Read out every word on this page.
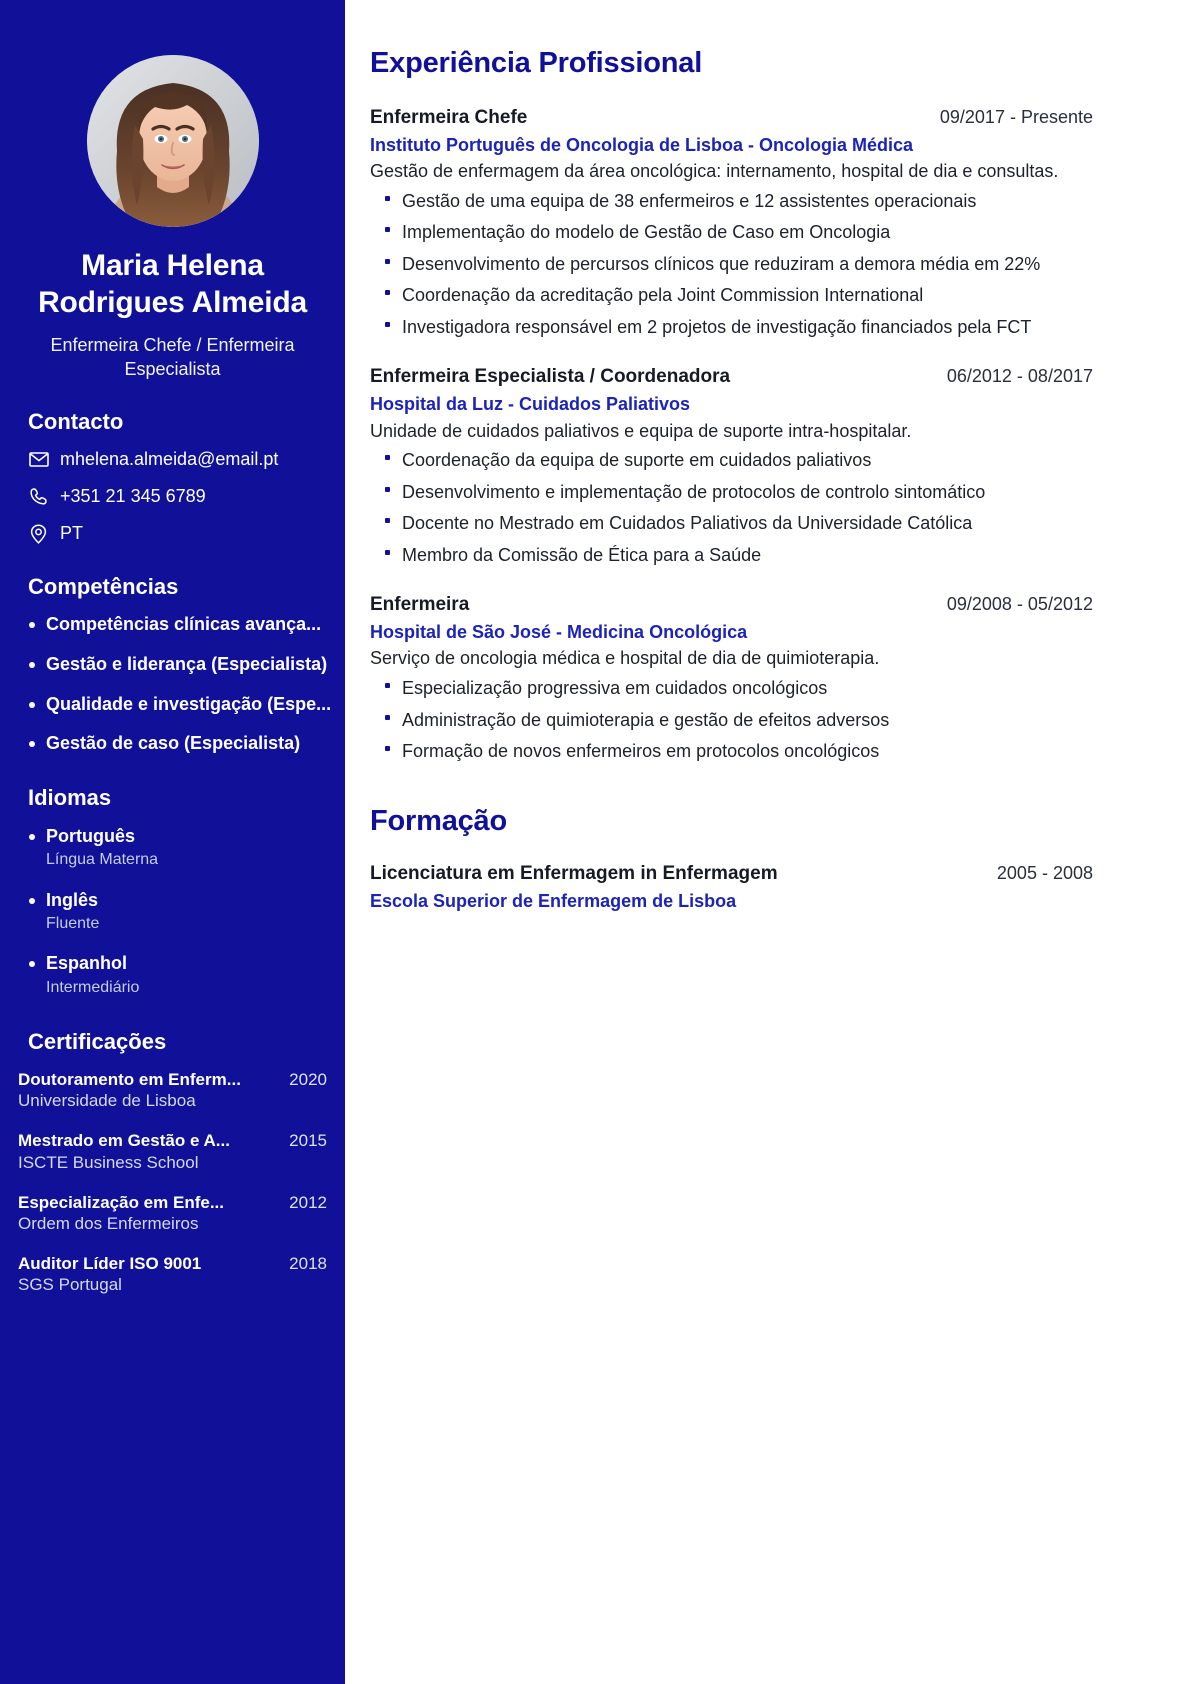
Maria Helena Rodrigues Almeida
Enfermeira Chefe / Enfermeira Especialista
Contacto
mhelena.almeida@email.pt
+351 21 345 6789
PT
Competências
Competências clínicas avança...
Gestão e liderança (Especialista)
Qualidade e investigação (Espe...
Gestão de caso (Especialista)
Idiomas
Português
Língua Materna
Inglês
Fluente
Espanhol
Intermediário
Certificações
Doutoramento em Enferm...	2020
Universidade de Lisboa
Mestrado em Gestão e A...	2015
ISCTE Business School
Especialização em Enfe...	2012
Ordem dos Enfermeiros
Auditor Líder ISO 9001	2018
SGS Portugal
Experiência Profissional
Enfermeira Chefe	09/2017 - Presente
Instituto Português de Oncologia de Lisboa - Oncologia Médica
Gestão de enfermagem da área oncológica: internamento, hospital de dia e consultas.
Gestão de uma equipa de 38 enfermeiros e 12 assistentes operacionais
Implementação do modelo de Gestão de Caso em Oncologia
Desenvolvimento de percursos clínicos que reduziram a demora média em 22%
Coordenação da acreditação pela Joint Commission International
Investigadora responsável em 2 projetos de investigação financiados pela FCT
Enfermeira Especialista / Coordenadora	06/2012 - 08/2017
Hospital da Luz - Cuidados Paliativos
Unidade de cuidados paliativos e equipa de suporte intra-hospitalar.
Coordenação da equipa de suporte em cuidados paliativos
Desenvolvimento e implementação de protocolos de controlo sintomático
Docente no Mestrado em Cuidados Paliativos da Universidade Católica
Membro da Comissão de Ética para a Saúde
Enfermeira	09/2008 - 05/2012
Hospital de São José - Medicina Oncológica
Serviço de oncologia médica e hospital de dia de quimioterapia.
Especialização progressiva em cuidados oncológicos
Administração de quimioterapia e gestão de efeitos adversos
Formação de novos enfermeiros em protocolos oncológicos
Formação
Licenciatura em Enfermagem in Enfermagem	2005 - 2008
Escola Superior de Enfermagem de Lisboa
